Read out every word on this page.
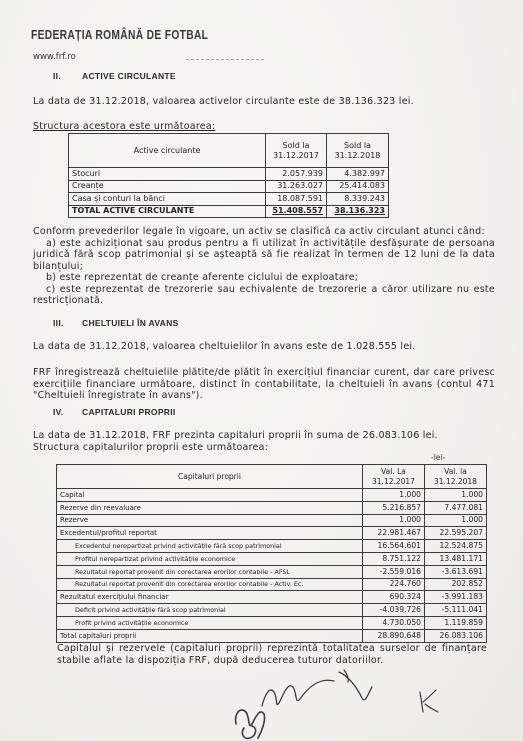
FEDERAȚIA ROMÂNĂ DE FOTBAL
www.frf.ro
II. ACTIVE CIRCULANTE

La data de 31.12.2018, valoarea activelor circulante este de 38.136.323 lei.

Structura acestora este următoarea:

Active circulante	Sold la 31.12.2017	Sold la 31.12.2018
Stocuri	2.057.939	4.382.997
Creanțe	31.263.027	25.414.083
Casa și conturi la bănci	18.087.591	8.339.243
TOTAL ACTIVE CIRCULANTE	51.408.557	38.136.323

Conform prevederilor legale în vigoare, un activ se clasifică ca activ circulant atunci când:

a) este achiziționat sau produs pentru a fi utilizat în activitățile desfășurate de persoana juridică fără scop patrimonial și se așteaptă să fie realizat în termen de 12 luni de la data bilanțului;

b) este reprezentat de creanțe aferente ciclului de exploatare;

c) este reprezentat de trezorerie sau echivalente de trezorerie a căror utilizare nu este restricționată.

III. CHELTUIELI ÎN AVANS

La data de 31.12.2018, valoarea cheltuielilor în avans este de 1.028.555 lei.

FRF înregistrează cheltuielile plătite/de plătit în exercițiul financiar curent, dar care privesc exercițiile financiare următoare, distinct în contabilitate, la cheltuieli în avans (contul 471 "Cheltuieli înregistrate în avans").

IV. CAPITALURI PROPRII

La data de 31.12.2018, FRF prezinta capitaluri proprii în suma de 26.083.106 lei.

Structura capitalurilor proprii este următoarea:

-lei-
Capitaluri proprii	Val. La 31.12.2017	Val. la 31.12.2018
Capital	1.000	1.000
Rezerve din reevaluare	5.216.857	7.477.081
Rezerve	1.000	1.000
Excedentul/profitul reportat	22.981.467	22.595.207
Excedentul nerepartizat privind activitățile fără scop patrimonial	16.564.601	12.524.875
Profitul nerepartizat privind activitățile economice	8.751.122	13.481.171
Rezultatul reportat provenit din corectarea erorilor contabile - AFSL	-2.559.016	-3.613.691
Rezultatul reportat provenit din corectarea erorilor contabile - Activ. Ec.	224.760	202.852
Rezultatul exercițiului financiar	690.324	-3.991.183
Deficit privind activitățile fără scop patrimonial	-4.039.726	-5.111.041
Profit privind activitățile economice	4.730.050	1.119.859
Total capitaluri proprii	28.890.648	26.083.106

Capitalul și rezervele (capitaluri proprii) reprezintă totalitatea surselor de finanțare stabile aflate la dispoziția FRF, după deducerea tuturor datoriilor.
